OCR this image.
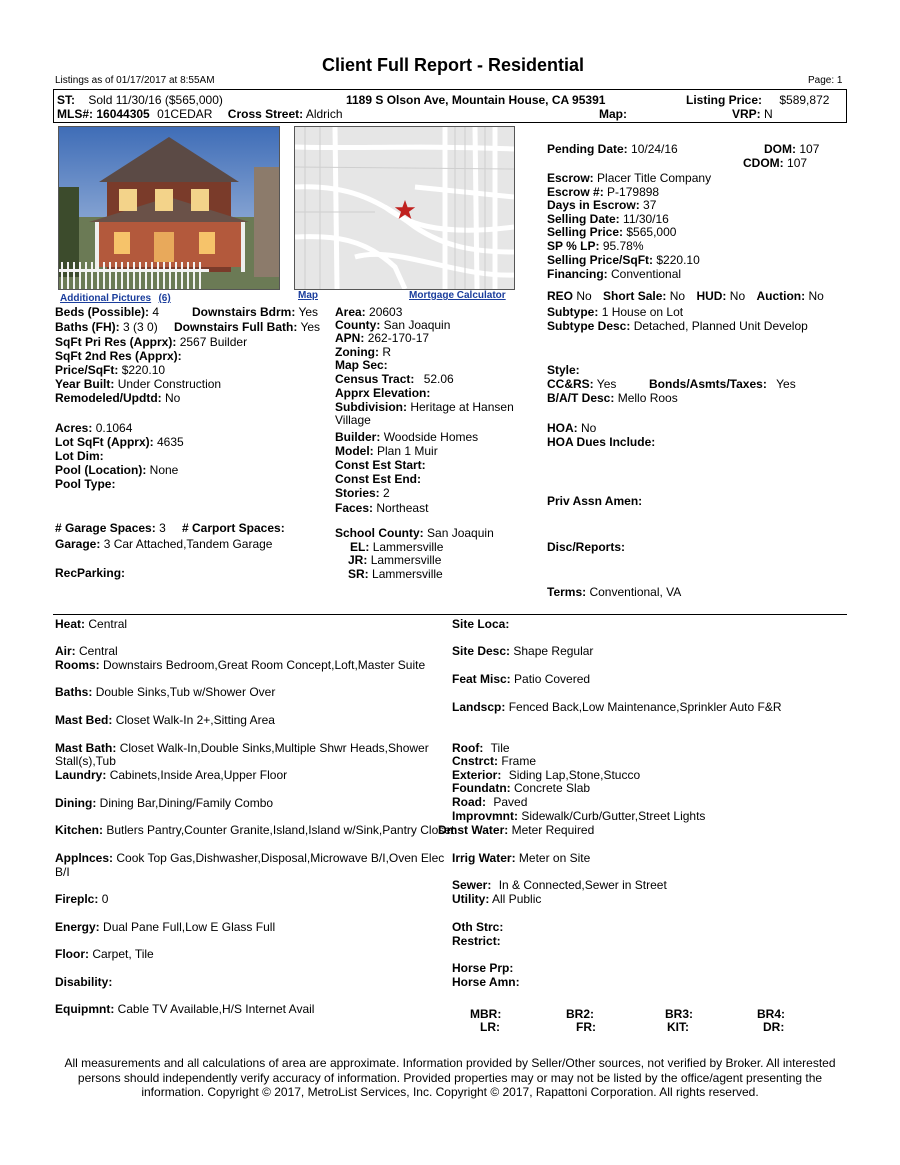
Client Full Report - Residential
Listings as of 01/17/2017 at 8:55AM	Page: 1
ST: Sold 11/30/16 ($565,000)	1189 S Olson Ave, Mountain House, CA 95391	Listing Price: $589,872
MLS#: 16044305 01CEDAR Cross Street: Aldrich	Map:	VRP: N
Additional Pictures (6)	Map	Mortgage Calculator
Pending Date: 10/24/16	DOM: 107
CDOM: 107
Escrow: Placer Title Company
Escrow #: P-179898
Days in Escrow: 37
Selling Date: 11/30/16
Selling Price: $565,000
SP % LP: 95.78%
Selling Price/SqFt: $220.10
Financing: Conventional
REO No Short Sale: No HUD: No Auction: No
Beds (Possible): 4	Downstairs Bdrm: Yes
Baths (FH): 3 (3 0) Downstairs Full Bath: Yes
SqFt Pri Res (Apprx): 2567 Builder
SqFt 2nd Res (Apprx):
Price/SqFt: $220.10
Year Built: Under Construction
Remodeled/Updtd: No
Acres: 0.1064
Lot SqFt (Apprx): 4635
Lot Dim:
Pool (Location): None
Pool Type:
# Garage Spaces: 3 # Carport Spaces:
Garage: 3 Car Attached,Tandem Garage
RecParking:
Area: 20603
County: San Joaquin
APN: 262-170-17
Zoning: R
Map Sec:
Census Tract: 52.06
Apprx Elevation:
Subdivision: Heritage at Hansen
Village
Builder: Woodside Homes
Model: Plan 1 Muir
Const Est Start:
Const Est End:
Stories: 2
Faces: Northeast
School County: San Joaquin
EL: Lammersville
JR: Lammersville
SR: Lammersville
Subtype: 1 House on Lot
Subtype Desc: Detached, Planned Unit Develop
Style:
CC&RS: Yes	Bonds/Asmts/Taxes: Yes
B/A/T Desc: Mello Roos
HOA: No
HOA Dues Include:
Priv Assn Amen:
Disc/Reports:
Terms: Conventional, VA
Heat: Central
Air: Central
Rooms: Downstairs Bedroom,Great Room Concept,Loft,Master Suite
Baths: Double Sinks,Tub w/Shower Over
Mast Bed: Closet Walk-In 2+,Sitting Area
Mast Bath: Closet Walk-In,Double Sinks,Multiple Shwr Heads,Shower
Stall(s),Tub
Laundry: Cabinets,Inside Area,Upper Floor
Dining: Dining Bar,Dining/Family Combo
Kitchen: Butlers Pantry,Counter Granite,Island,Island w/Sink,Pantry Closet
Applnces: Cook Top Gas,Dishwasher,Disposal,Microwave B/I,Oven Elec
B/I
Fireplc: 0
Energy: Dual Pane Full,Low E Glass Full
Floor: Carpet, Tile
Disability:
Equipmnt: Cable TV Available,H/S Internet Avail
Site Loca:
Site Desc: Shape Regular
Feat Misc: Patio Covered
Landscp: Fenced Back,Low Maintenance,Sprinkler Auto F&R
Roof: Tile
Cnstrct: Frame
Exterior: Siding Lap,Stone,Stucco
Foundatn: Concrete Slab
Road: Paved
Improvmnt: Sidewalk/Curb/Gutter,Street Lights
Dmst Water: Meter Required
Irrig Water: Meter on Site
Sewer: In & Connected,Sewer in Street
Utility: All Public
Oth Strc:
Restrict:
Horse Prp:
Horse Amn:
MBR:	BR2:	BR3:	BR4:
LR:	FR:	KIT:	DR:
All measurements and all calculations of area are approximate. Information provided by Seller/Other sources, not verified by Broker. All interested
persons should independently verify accuracy of information. Provided properties may or may not be listed by the office/agent presenting the
information. Copyright © 2017, MetroList Services, Inc. Copyright © 2017, Rapattoni Corporation. All rights reserved.
